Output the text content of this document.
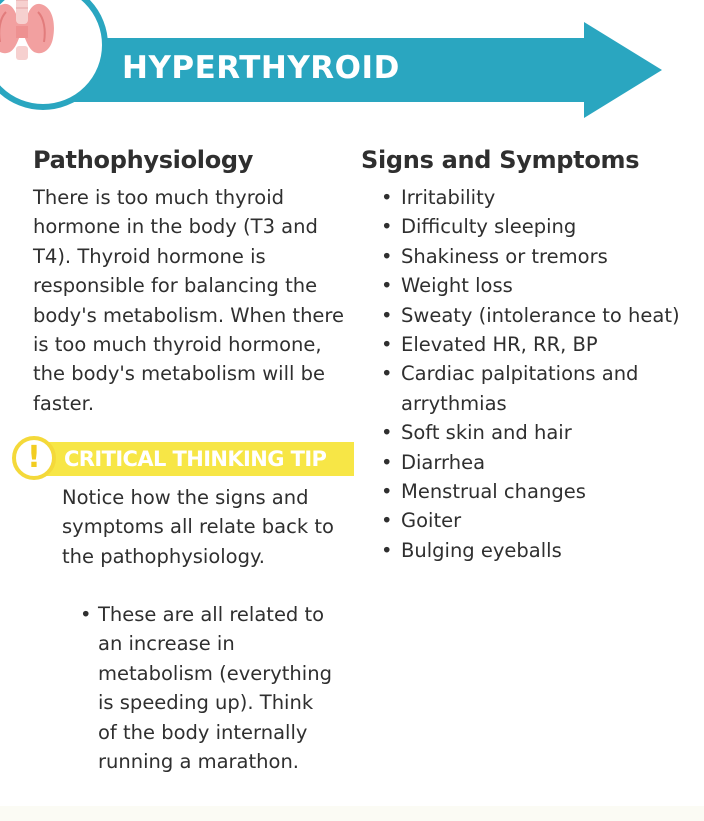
HYPERTHYROID
Pathophysiology
There is too much thyroid hormone in the body (T3 and T4). Thyroid hormone is responsible for balancing the body's metabolism. When there is too much thyroid hormone, the body's metabolism will be faster.
Signs and Symptoms
• Irritability
• Difficulty sleeping
• Shakiness or tremors
• Weight loss
• Sweaty (intolerance to heat)
• Elevated HR, RR, BP
• Cardiac palpitations and arrythmias
• Soft skin and hair
• Diarrhea
• Menstrual changes
• Goiter
• Bulging eyeballs
!	CRITICAL THINKING TIP
Notice how the signs and symptoms all relate back to the pathophysiology.
• These are all related to an increase in metabolism (everything is speeding up). Think of the body internally running a marathon.
